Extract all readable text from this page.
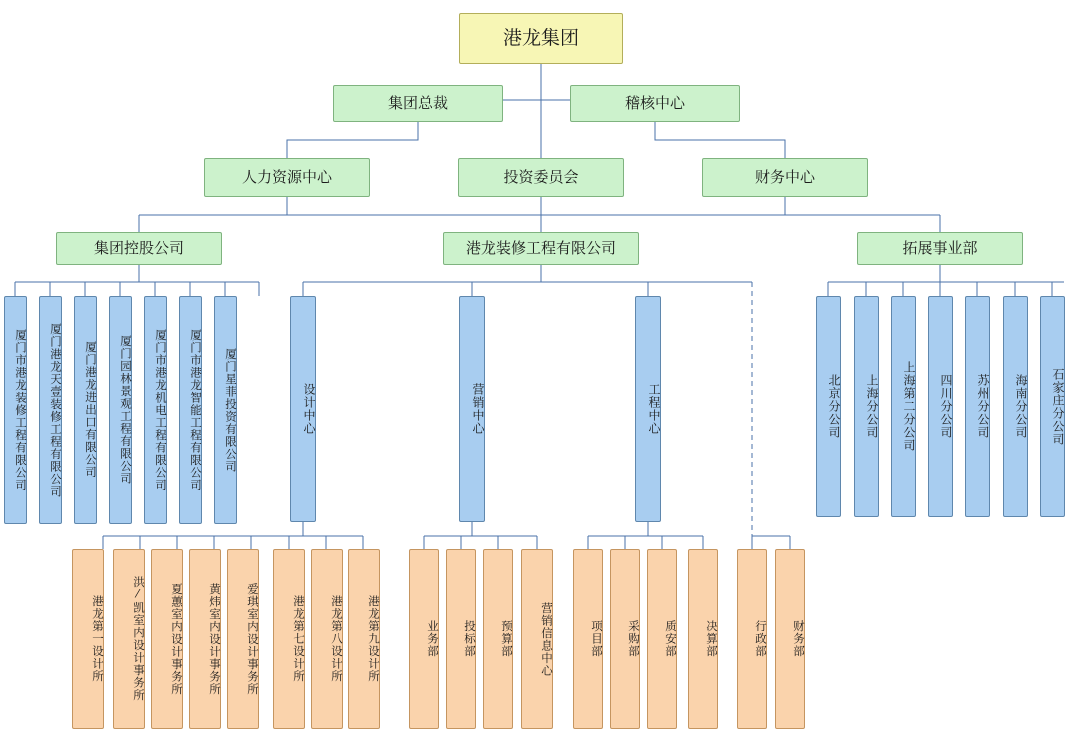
港龙集团
集团总裁	稽核中心
人力资源中心	投资委员会	财务中心
集团控股公司	港龙装修工程有限公司	拓展事业部
厦门市港龙装修工程有限公司 厦门港龙天壹装修工程有限公司 厦门港龙进出口有限公司 厦门园林景观工程有限公司 厦门市港龙机电工程有限公司 厦门市港龙智能工程有限公司 厦门星菲投资有限公司	设计中心	营销中心	工程中心	北京分公司 上海分公司 上海第二分公司 四川分公司 苏州分公司 海南分公司 石家庄分公司
港龙第一设计所	洪⁄凯室内设计事务所 夏蕙室内设计事务所 黄炜室内设计事务所 爱琪室内设计事务所	港龙第七设计所 港龙第八设计所 港龙第九设计所	业务部 投标部 预算部 营销信息中心	项目部 采购部 质安部	决算部	行政部 财务部
